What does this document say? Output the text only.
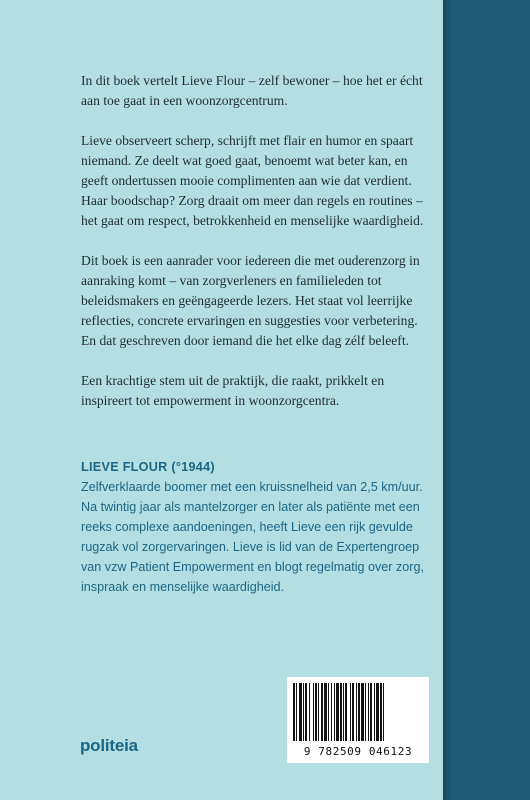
In dit boek vertelt Lieve Flour – zelf bewoner – hoe het er écht aan toe gaat in een woonzorgcentrum.

Lieve observeert scherp, schrijft met flair en humor en spaart niemand. Ze deelt wat goed gaat, benoemt wat beter kan, en geeft ondertussen mooie complimenten aan wie dat verdient. Haar boodschap? Zorg draait om meer dan regels en routines – het gaat om respect, betrokkenheid en menselijke waardigheid.

Dit boek is een aanrader voor iedereen die met ouderenzorg in aanraking komt – van zorgverleners en familieleden tot beleidsmakers en geëngageerde lezers. Het staat vol leerrijke reflecties, concrete ervaringen en suggesties voor verbetering. En dat geschreven door iemand die het elke dag zélf beleeft.

Een krachtige stem uit de praktijk, die raakt, prikkelt en inspireert tot empowerment in woonzorgcentra.

LIEVE FLOUR (°1944)
Zelfverklaarde boomer met een kruissnelheid van 2,5 km/uur. Na twintig jaar als mantelzorger en later als patiënte met een reeks complexe aandoeningen, heeft Lieve een rijk gevulde rugzak vol zorgervaringen. Lieve is lid van de Expertengroep van vzw Patient Empowerment en blogt regelmatig over zorg, inspraak en menselijke waardigheid.
politeia	9 782509 046123
